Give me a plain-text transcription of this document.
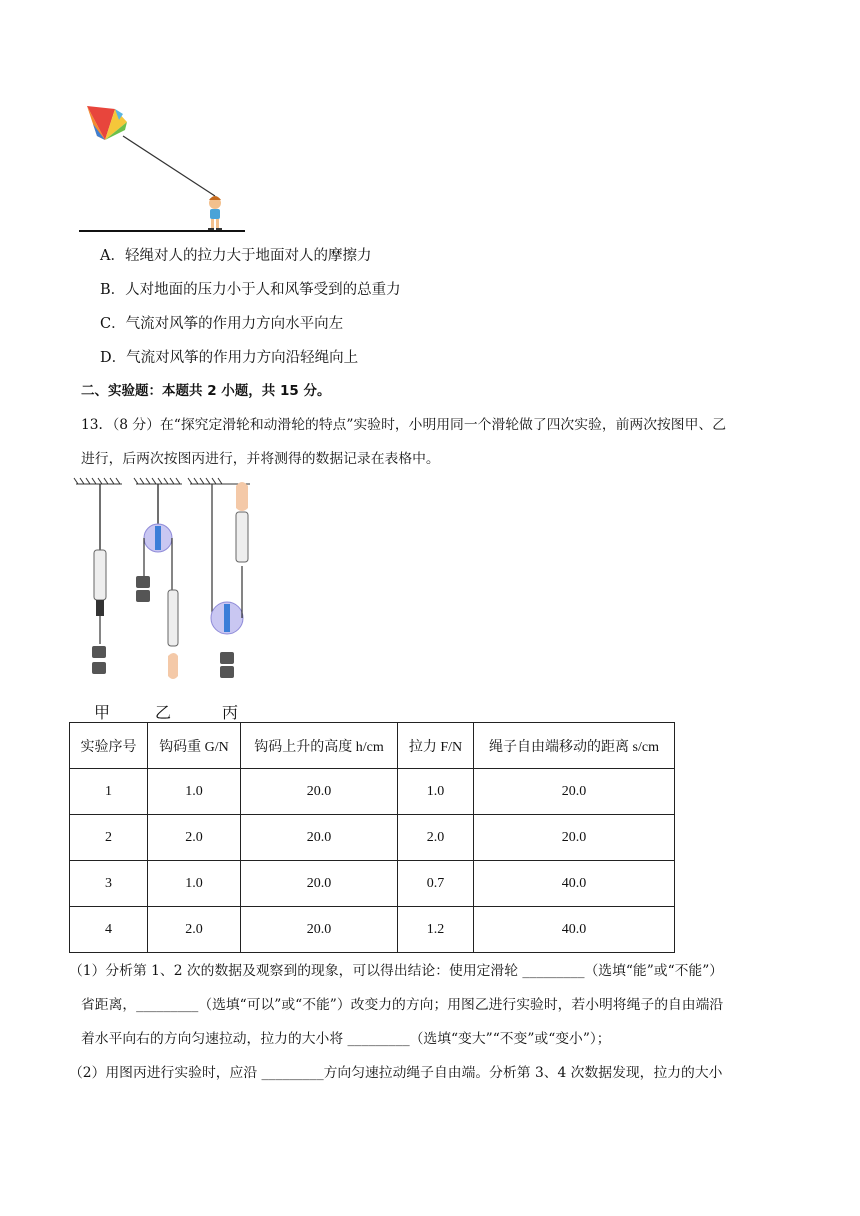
A．轻绳对人的拉力大于地面对人的摩擦力
B．人对地面的压力小于人和风筝受到的总重力
C．气流对风筝的作用力方向水平向左
D．气流对风筝的作用力方向沿轻绳向上
二、实验题：本题共 2 小题，共 15 分。
13．（8 分）在“探究定滑轮和动滑轮的特点”实验时，小明用同一个滑轮做了四次实验，前两次按图甲、乙
进行，后两次按图丙进行，并将测得的数据记录在表格中。
甲	乙	丙
实验序号	钩码重 G/N	钩码上升的高度 h/cm	拉力 F/N	绳子自由端移动的距离 s/cm
1	1.0	20.0	1.0	20.0
2	2.0	20.0	2.0	20.0
3	1.0	20.0	0.7	40.0
4	2.0	20.0	1.2	40.0
（1）分析第 1、2 次的数据及观察到的现象，可以得出结论：使用定滑轮 _________（选填“能”或“不能”）
省距离，_________（选填“可以”或“不能”）改变力的方向；用图乙进行实验时，若小明将绳子的自由端沿
着水平向右的方向匀速拉动，拉力的大小将 _________（选填“变大”“不变”或“变小”）；
（2）用图丙进行实验时，应沿 _________方向匀速拉动绳子自由端。分析第 3、4 次数据发现，拉力的大小
